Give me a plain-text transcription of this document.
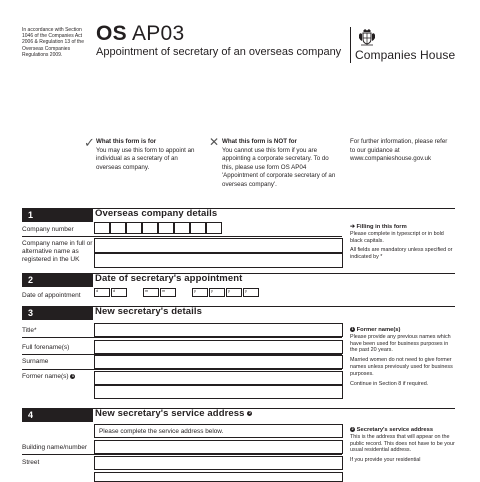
In accordance with Section 1046 of the Companies Act 2006 & Regulation 13 of the Overseas Companies Regulations 2009.
OS AP03
Appointment of secretary of an overseas company Companies House
✓ What this form is for
You may use this form to appoint an individual as a secretary of an overseas company.
✕ What this form is NOT for
You cannot use this form if you are appointing a corporate secretary. To do this, please use form OS AP04 'Appointment of corporate secretary of an overseas company'.
For further information, please refer to our guidance at www.companieshouse.gov.uk
1	Overseas company details
Company number
Company name in full or alternative name as registered in the UK
➔ Filling in this form
Please complete in typescript or in bold black capitals.
All fields are mandatory unless specified or indicated by *
2	Date of secretary's appointment
Date of appointment
d	d	m	m	y	y	y	y
3	New secretary's details
Title*
Full forename(s)
Surname
Former name(s) 1
1 Former name(s)
Please provide any previous names which have been used for business purposes in the past 20 years.
Married women do not need to give former names unless previously used for business purposes.
Continue in Section 8 if required.
4	New secretary's service address 2
Please complete the service address below.
Building name/number
Street
2 Secretary's service address
This is the address that will appear on the public record. This does not have to be your usual residential address.
If you provide your residential
